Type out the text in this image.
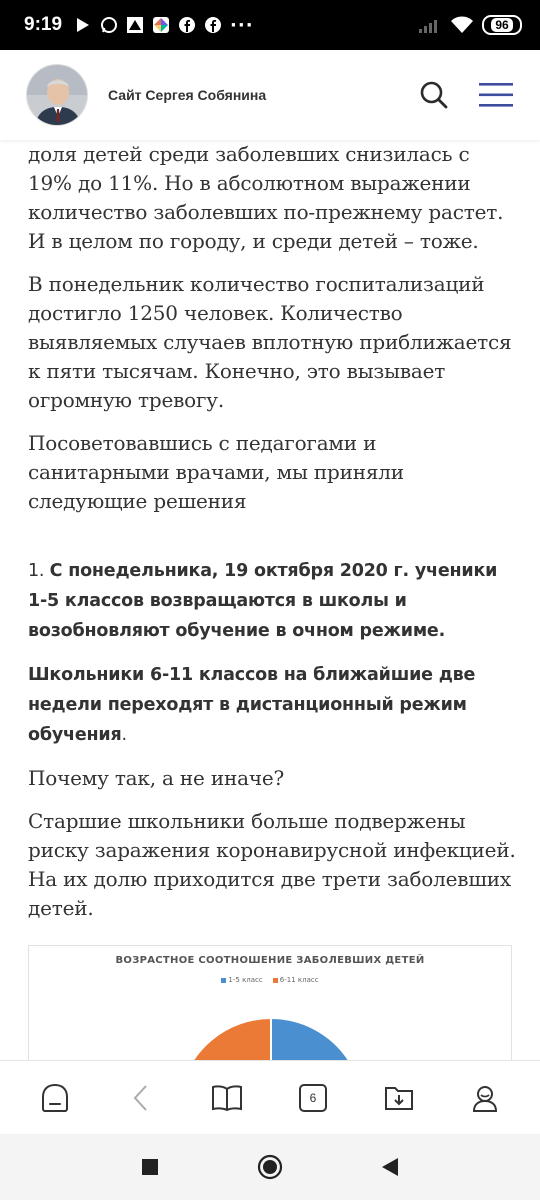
9:19	···	96
Сайт Сергея Собянина

доля детей среди заболевших снизилась с 19% до 11%. Но в абсолютном выражении количество заболевших по-прежнему растет. И в целом по городу, и среди детей – тоже.

В понедельник количество госпитализаций достигло 1250 человек. Количество выявляемых случаев вплотную приближается к пяти тысячам. Конечно, это вызывает огромную тревогу.

Посоветовавшись с педагогами и санитарными врачами, мы приняли следующие решения

1. С понедельника, 19 октября 2020 г. ученики 1-5 классов возвращаются в школы и возобновляют обучение в очном режиме.

Школьники 6-11 классов на ближайшие две недели переходят в дистанционный режим обучения.

Почему так, а не иначе?

Старшие школьники больше подвержены риску заражения коронавирусной инфекцией. На их долю приходится две трети заболевших детей.

ВОЗРАСТНОЕ СООТНОШЕНИЕ ЗАБОЛЕВШИХ ДЕТЕЙ
1-5 класс 6-11 класс
6
